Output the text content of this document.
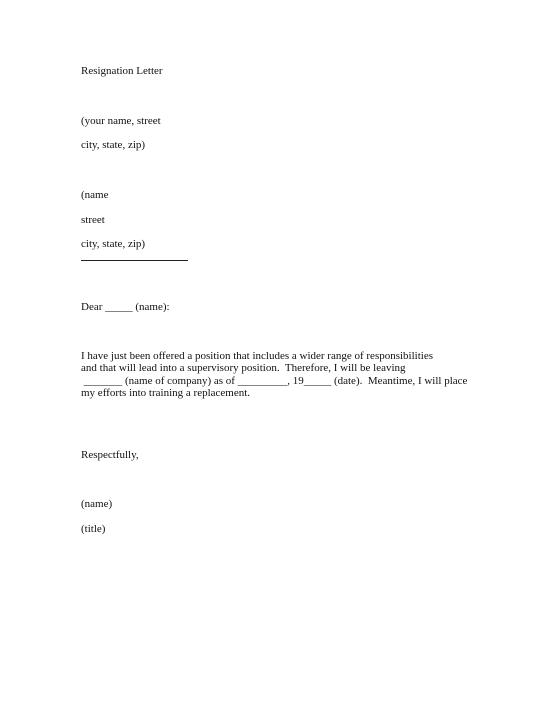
Resignation Letter
(your name, street
city, state, zip)
(name
street
city, state, zip)
Dear _____ (name):
I have just been offered a position that includes a wider range of responsibilities
and that will lead into a supervisory position.  Therefore, I will be leaving
_______ (name of company) as of _________, 19_____ (date).  Meantime, I will place
my efforts into training a replacement.
Respectfully,
(name)
(title)
